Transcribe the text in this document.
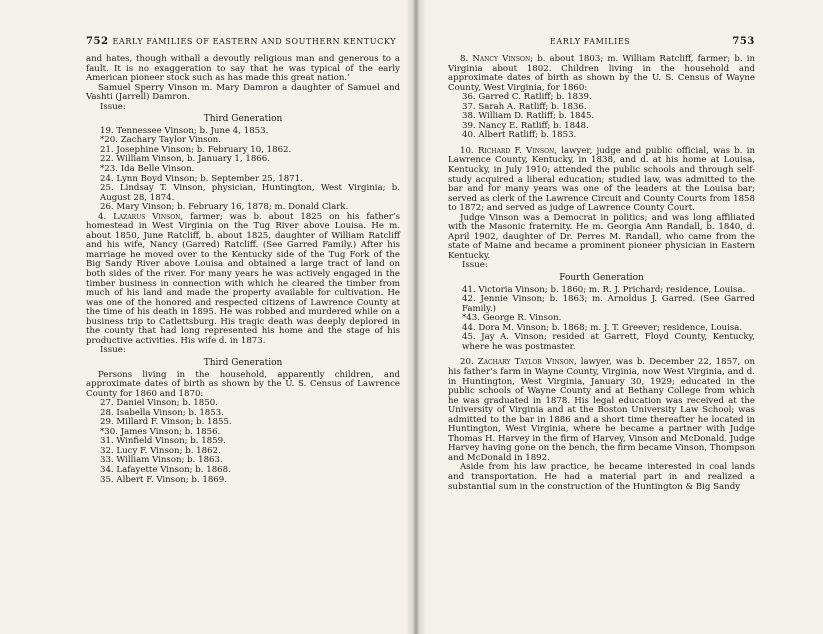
752 EARLY FAMILIES OF EASTERN AND SOUTHERN KENTUCKY

and hates, though withall a devoutly religious man and generous to a fault. It is no exaggeration to say that he was typical of the early American pioneer stock such as has made this great nation.’

Samuel Sperry Vinson m. Mary Damron a daughter of Samuel and Vashti (Jarrell) Damron.

Issue:

Third Generation
19. Tennessee Vinson; b. June 4, 1853.
*20. Zachary Taylor Vinson.
21. Josephine Vinson; b. February 10, 1862.
22. William Vinson, b. January 1, 1866.
*23. Ida Belle Vinson.
24. Lynn Boyd Vinson; b. September 25, 1871.
25. Lindsay T. Vinson, physician, Huntington, West Virginia; b. August 28, 1874.
26. Mary Vinson; b. February 16, 1878; m. Donald Clark.

4. Lazarus Vinson, farmer; was b. about 1825 on his father’s homestead in West Virginia on the Tug River above Louisa. He m. about 1850, June Ratcliff, b. about 1825, daughter of William Ratcliff and his wife, Nancy (Garred) Ratcliff. (See Garred Family.) After his marriage he moved over to the Kentucky side of the Tug Fork of the Big Sandy River above Louisa and obtained a large tract of land on both sides of the river. For many years he was actively engaged in the timber business in connection with which he cleared the timber from much of his land and made the property available for cultivation. He was one of the honored and respected citizens of Lawrence County at the time of his death in 1895. He was robbed and murdered while on a business trip to Catlettsburg. His tragic death was deeply deplored in the county that had long represented his home and the stage of his productive activities. His wife d. in 1873.

Issue:

Third Generation

Persons living in the household, apparently children, and approximate dates of birth as shown by the U. S. Census of Lawrence County for 1860 and 1870:

27. Daniel Vinson; b. 1850.
28. Isabella Vinson; b. 1853.
29. Millard F. Vinson; b. 1855.
*30. James Vinson; b. 1856.
31. Winfield Vinson; b. 1859.
32. Lucy F. Vinson; b. 1862.
33. William Vinson; b. 1863.
34. Lafayette Vinson; b. 1868.
35. Albert F. Vinson; b. 1869.
EARLY FAMILIES	753

8. Nancy Vinson; b. about 1803; m. William Ratcliff, farmer; b. in Virginia about 1802. Children living in the household and approximate dates of birth as shown by the U. S. Census of Wayne County, West Virginia, for 1860:

36. Garred C. Ratliff; b. 1839.
37. Sarah A. Ratliff; b. 1836.
38. William D. Ratliff; b. 1845.
39. Nancy E. Ratliff; b. 1848.
40. Albert Ratliff; b. 1853.

10. Richard F. Vinson, lawyer, judge and public official, was b. in Lawrence County, Kentucky, in 1838, and d. at his home at Louisa, Kentucky, in July 1910; attended the public schools and through self-study acquired a liberal education; studied law, was admitted to the bar and for many years was one of the leaders at the Louisa bar; served as clerk of the Lawrence Circuit and County Courts from 1858 to 1872; and served as judge of Lawrence County Court.

Judge Vinson was a Democrat in politics; and was long affiliated with the Masonic fraternity. He m. Georgia Ann Randall, b. 1840, d. April 1902, daughter of Dr. Perres M. Randall, who came from the state of Maine and became a prominent pioneer physician in Eastern Kentucky.

Issue:

Fourth Generation
41. Victoria Vinson; b. 1860; m. R. J. Prichard; residence, Louisa.
42. Jennie Vinson; b. 1863; m. Arnoldus J. Garred. (See Garred Family.)
*43. George R. Vinson.
44. Dora M. Vinson; b. 1868; m. J. T. Greever; residence, Louisa.
45. Jay A. Vinson; resided at Garrett, Floyd County, Kentucky, where he was postmaster.

20. Zachary Taylor Vinson, lawyer, was b. December 22, 1857, on his father’s farm in Wayne County, Virginia, now West Virginia, and d. in Huntington, West Virginia, January 30, 1929; educated in the public schools of Wayne County and at Bethany College from which he was graduated in 1878. His legal education was received at the University of Virginia and at the Boston University Law School; was admitted to the bar in 1886 and a short time thereafter he located in Huntington, West Virginia, where he became a partner with Judge Thomas H. Harvey in the firm of Harvey, Vinson and McDonald. Judge Harvey having gone on the bench, the firm became Vinson, Thompson and McDonald in 1892.

Aside from his law practice, he became interested in coal lands and transportation. He had a material part in and realized a substantial sum in the construction of the Huntington & Big Sandy
